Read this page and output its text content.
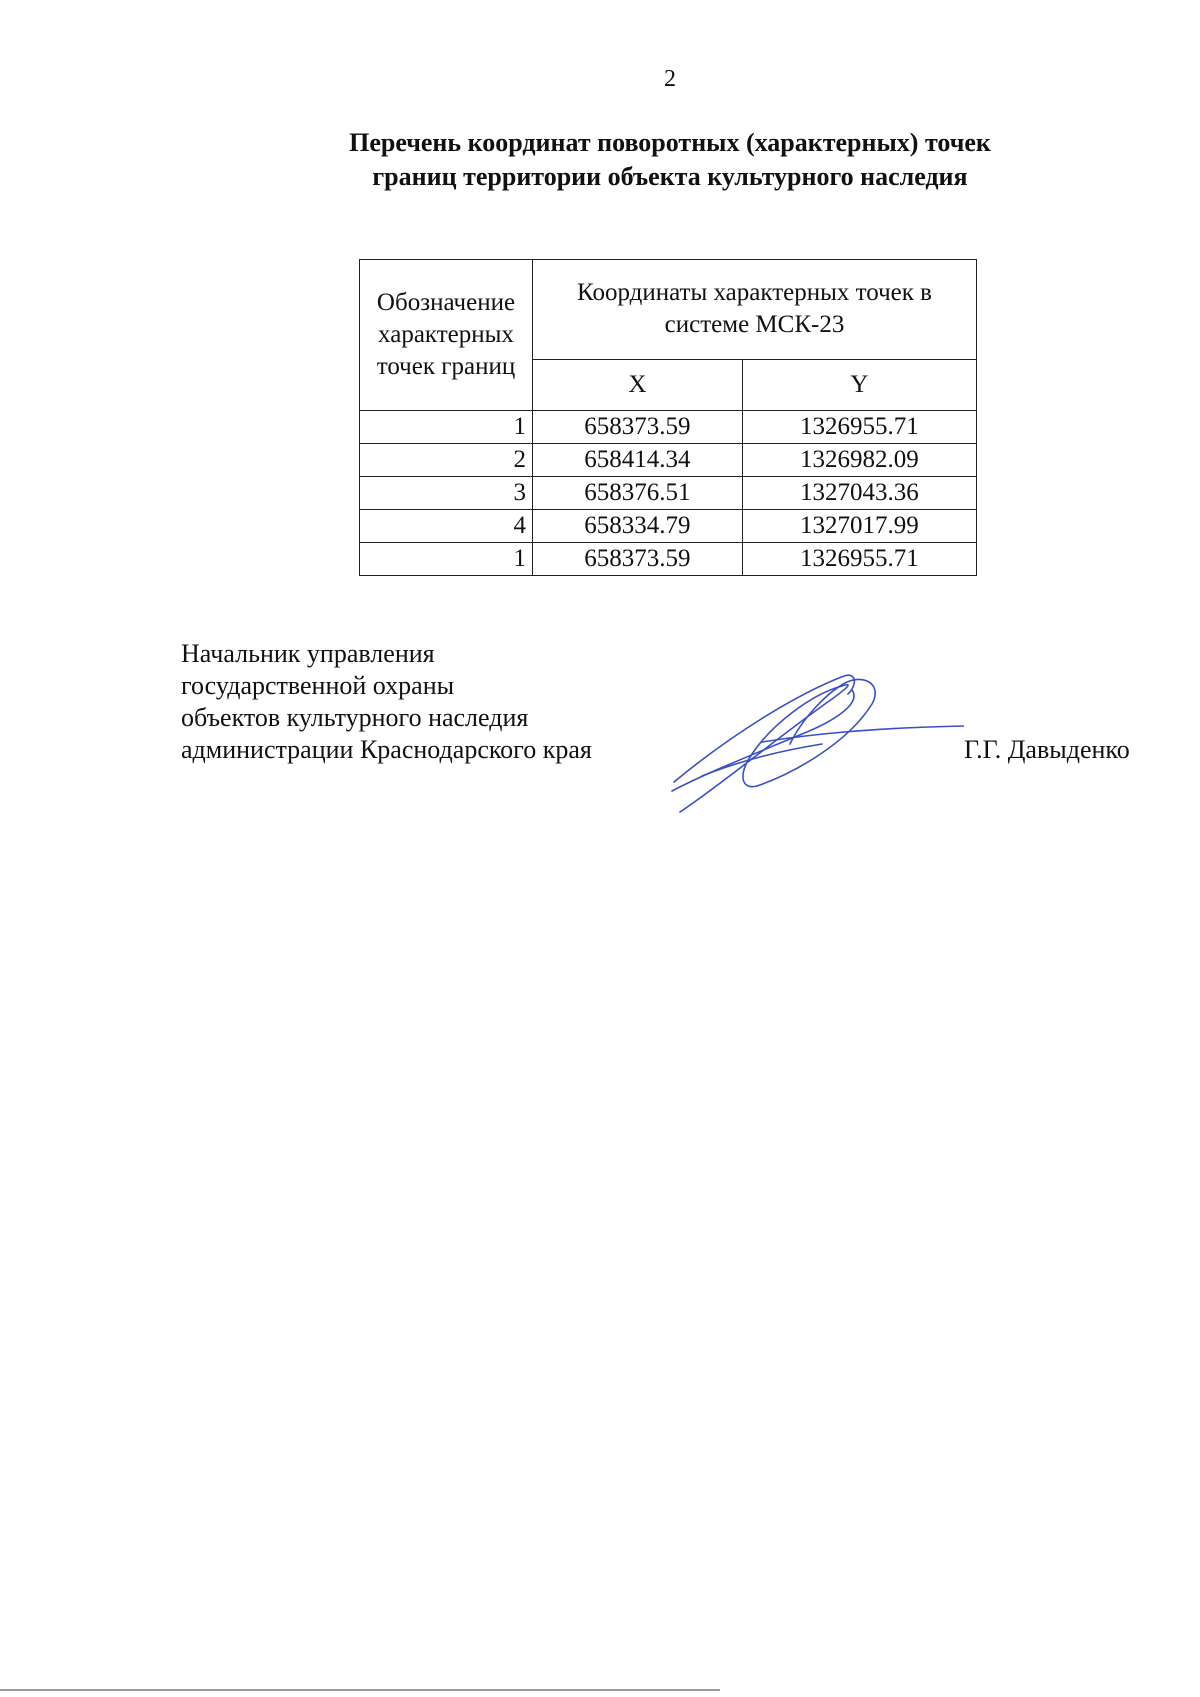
2
Перечень координат поворотных (характерных) точек
границ территории объекта культурного наследия
Обозначение
характерных
точек границ	Координаты характерных точек в
системе МСК-23	
	X	Y
1	658373.59	1326955.71
2	658414.34	1326982.09
3	658376.51	1327043.36
4	658334.79	1327017.99
1	658373.59	1326955.71
Начальник управления
государственной охраны
объектов культурного наследия
администрации Краснодарского края	Г.Г. Давыденко
